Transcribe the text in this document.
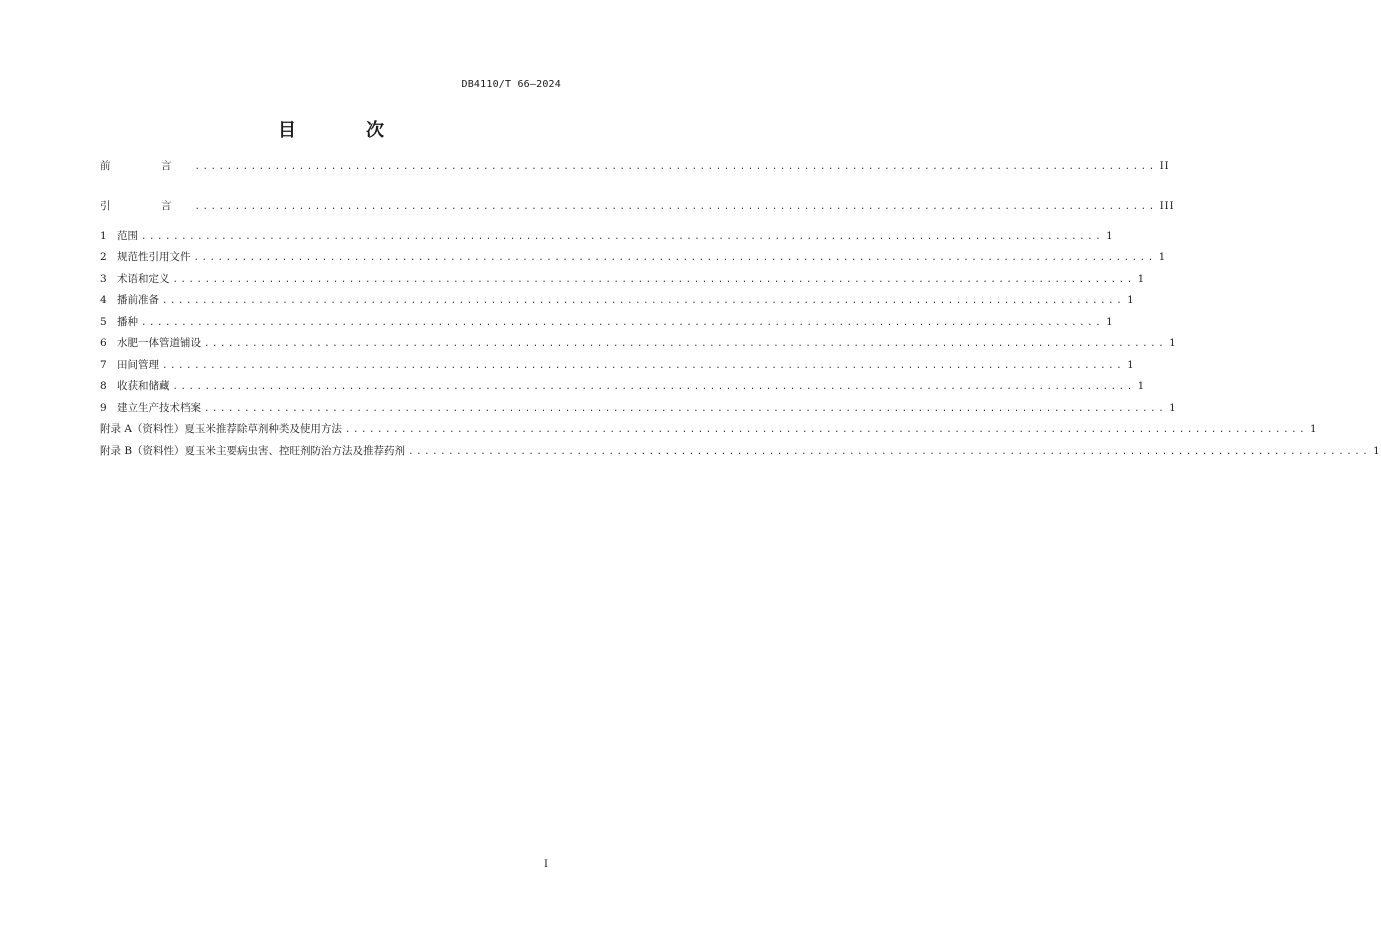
DB4110/T 66—2024
目　次
前　言 ........................................................................................................................ II
引　言 ........................................................................................................................ III
1 范围 ........................................................................................................................ 1
2 规范性引用文件 ........................................................................................................................ 1
3 术语和定义 ........................................................................................................................ 1
4 播前准备 ........................................................................................................................ 1
5 播种 ........................................................................................................................ 1
6 水肥一体管道铺设 ........................................................................................................................ 1
7 田间管理 ........................................................................................................................ 1
8 收获和储藏 ........................................................................................................................ 1
9 建立生产技术档案 ........................................................................................................................ 1
附录 A（资料性）夏玉米推荐除草剂种类及使用方法 ........................................................................................................................ 1
附录 B（资料性）夏玉米主要病虫害、控旺剂防治方法及推荐药剂 ........................................................................................................................ 1
I
